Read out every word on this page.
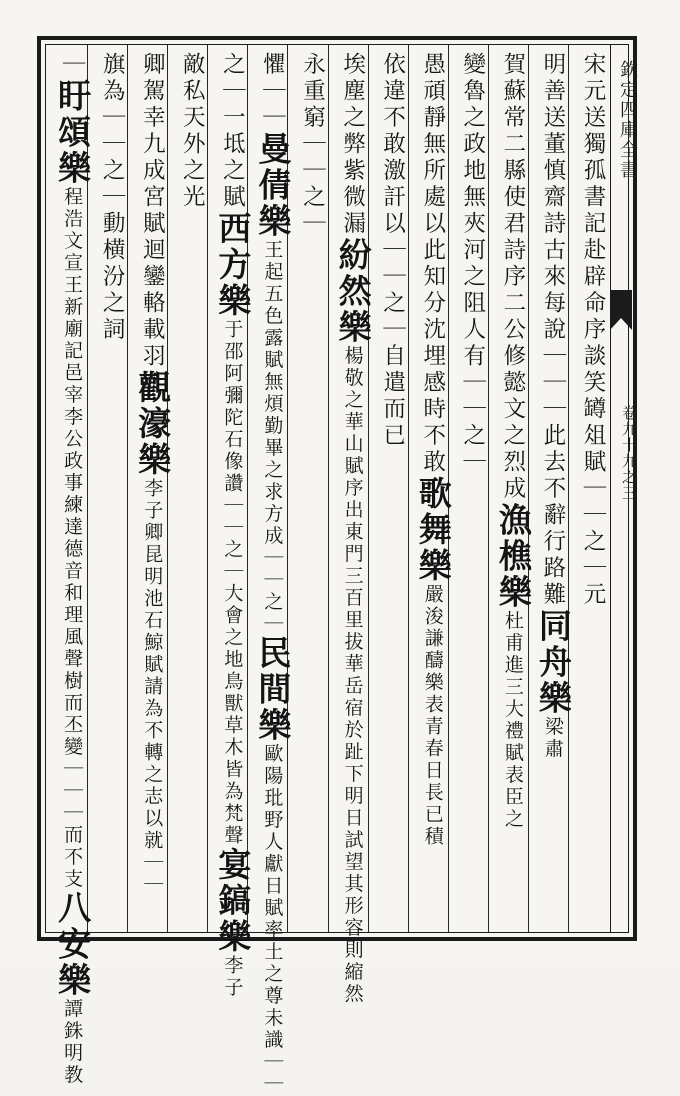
欽定四庫全書
卷九十九之三
宋元送獨孤書記赴辟命序談笑罇俎賦｜｜之｜元
明善送董慎齋詩古來每說｜｜｜此去不辭行路難同舟樂梁肅
賀蘇常二縣使君詩序二公修懿文之烈成漁樵樂杜甫進三大禮賦表臣之
變魯之政地無夾河之阻人有｜｜之｜
愚頑靜無所處以此知分沈埋感時不敢歌舞樂嚴浚謙醻樂表青春日長已積
依違不敢激訐以｜｜之｜自遣而已
埃塵之弊紫微漏紛然樂楊敬之華山賦序出東門三百里拔華岳宿於趾下明日試望其形容則縮然
永重窮｜｜之｜
懼｜｜曼倩樂王起五色露賦無煩勤畢之求方成｜｜之｜民間樂歐陽玭野人獻日賦率土之尊未識｜｜
之｜一坻之賦西方樂于邵阿彌陀石像讚｜｜之｜大會之地鳥獸草木皆為梵聲宴鎬樂李子
敵私天外之光
卿駕幸九成宮賦迴鑾輅載羽觀濠樂李子卿昆明池石鯨賦請為不轉之志以就｜｜
旗為｜｜之｜動横汾之詞
｜盱頌樂程浩文宣王新廟記邑宰李公政事練達德音和理風聲樹而丕變｜｜｜而不支八安樂譚銖明教
